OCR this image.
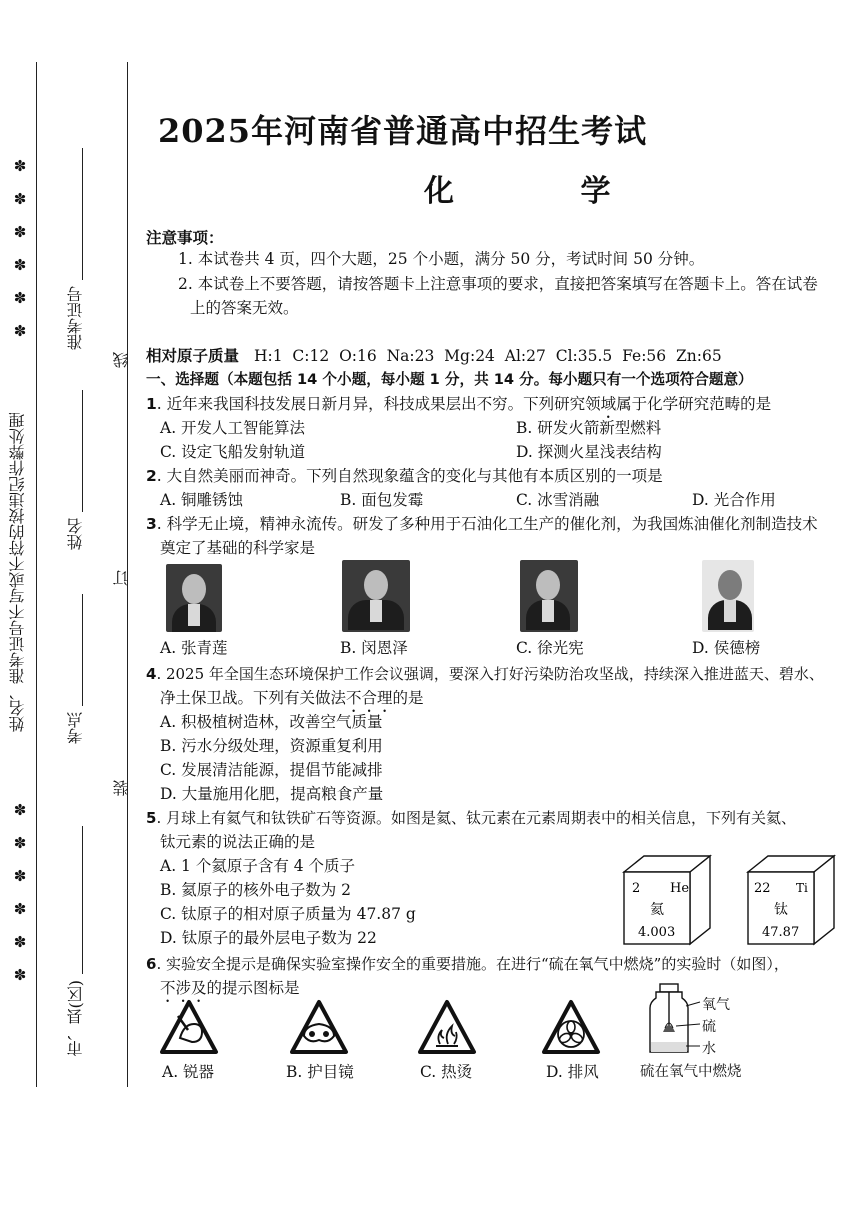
✽
✽
✽
✽
✽
✽
✽
✽
✽
✽
✽
✽
姓名、准考证号不写或不符的按违纪作弊处理
准考证号
姓名
考点
市、县(区)
线
订
装
2025年河南省普通高中招生考试
化 学
注意事项：
1. 本试卷共 4 页，四个大题，25 个小题，满分 50 分，考试时间 50 分钟。
2. 本试卷上不要答题，请按答题卡上注意事项的要求，直接把答案填写在答题卡上。答在试卷
上的答案无效。
相对原子质量 H:1  C:12  O:16  Na:23  Mg:24  Al:27  Cl:35.5  Fe:56  Zn:65
一、选择题（本题包括 14 个小题，每小题 1 分，共 14 分。每小题只有一个选项符合题意）
1. 近年来我国科技发展日新月异，科技成果层出不穷。下列研究领域属于化学研究范畴的是
A. 开发人工智能算法	B. 研发火箭新型燃料
C. 设定飞船发射轨道	D. 探测火星浅表结构
2. 大自然美丽而神奇。下列自然现象蕴含的变化与其他有本质区别的一项是
A. 铜雕锈蚀	B. 面包发霉	C. 冰雪消融	D. 光合作用
3. 科学无止境，精神永流传。研发了多种用于石油化工生产的催化剂，为我国炼油催化剂制造技术
奠定了基础的科学家是
A. 张青莲	B. 闵恩泽	C. 徐光宪	D. 侯德榜
4. 2025 年全国生态环境保护工作会议强调，要深入打好污染防治攻坚战，持续深入推进蓝天、碧水、
净土保卫战。下列有关做法不合理的是
A. 积极植树造林，改善空气质量
B. 污水分级处理，资源重复利用
C. 发展清洁能源，提倡节能减排
D. 大量施用化肥，提高粮食产量
5. 月球上有氦气和钛铁矿石等资源。如图是氦、钛元素在元素周期表中的相关信息，下列有关氦、
钛元素的说法正确的是
A. 1 个氦原子含有 4 个质子
B. 氦原子的核外电子数为 2
C. 钛原子的相对原子质量为 47.87 g
D. 钛原子的最外层电子数为 22
2 He
氦
4.003
22 Ti
钛
47.87
6. 实验安全提示是确保实验室操作安全的重要措施。在进行“硫在氧气中燃烧”的实验时（如图），
不涉及的提示图标是
A. 锐器	B. 护目镜	C. 热烫	D. 排风
氧气
硫
水
硫在氧气中燃烧
